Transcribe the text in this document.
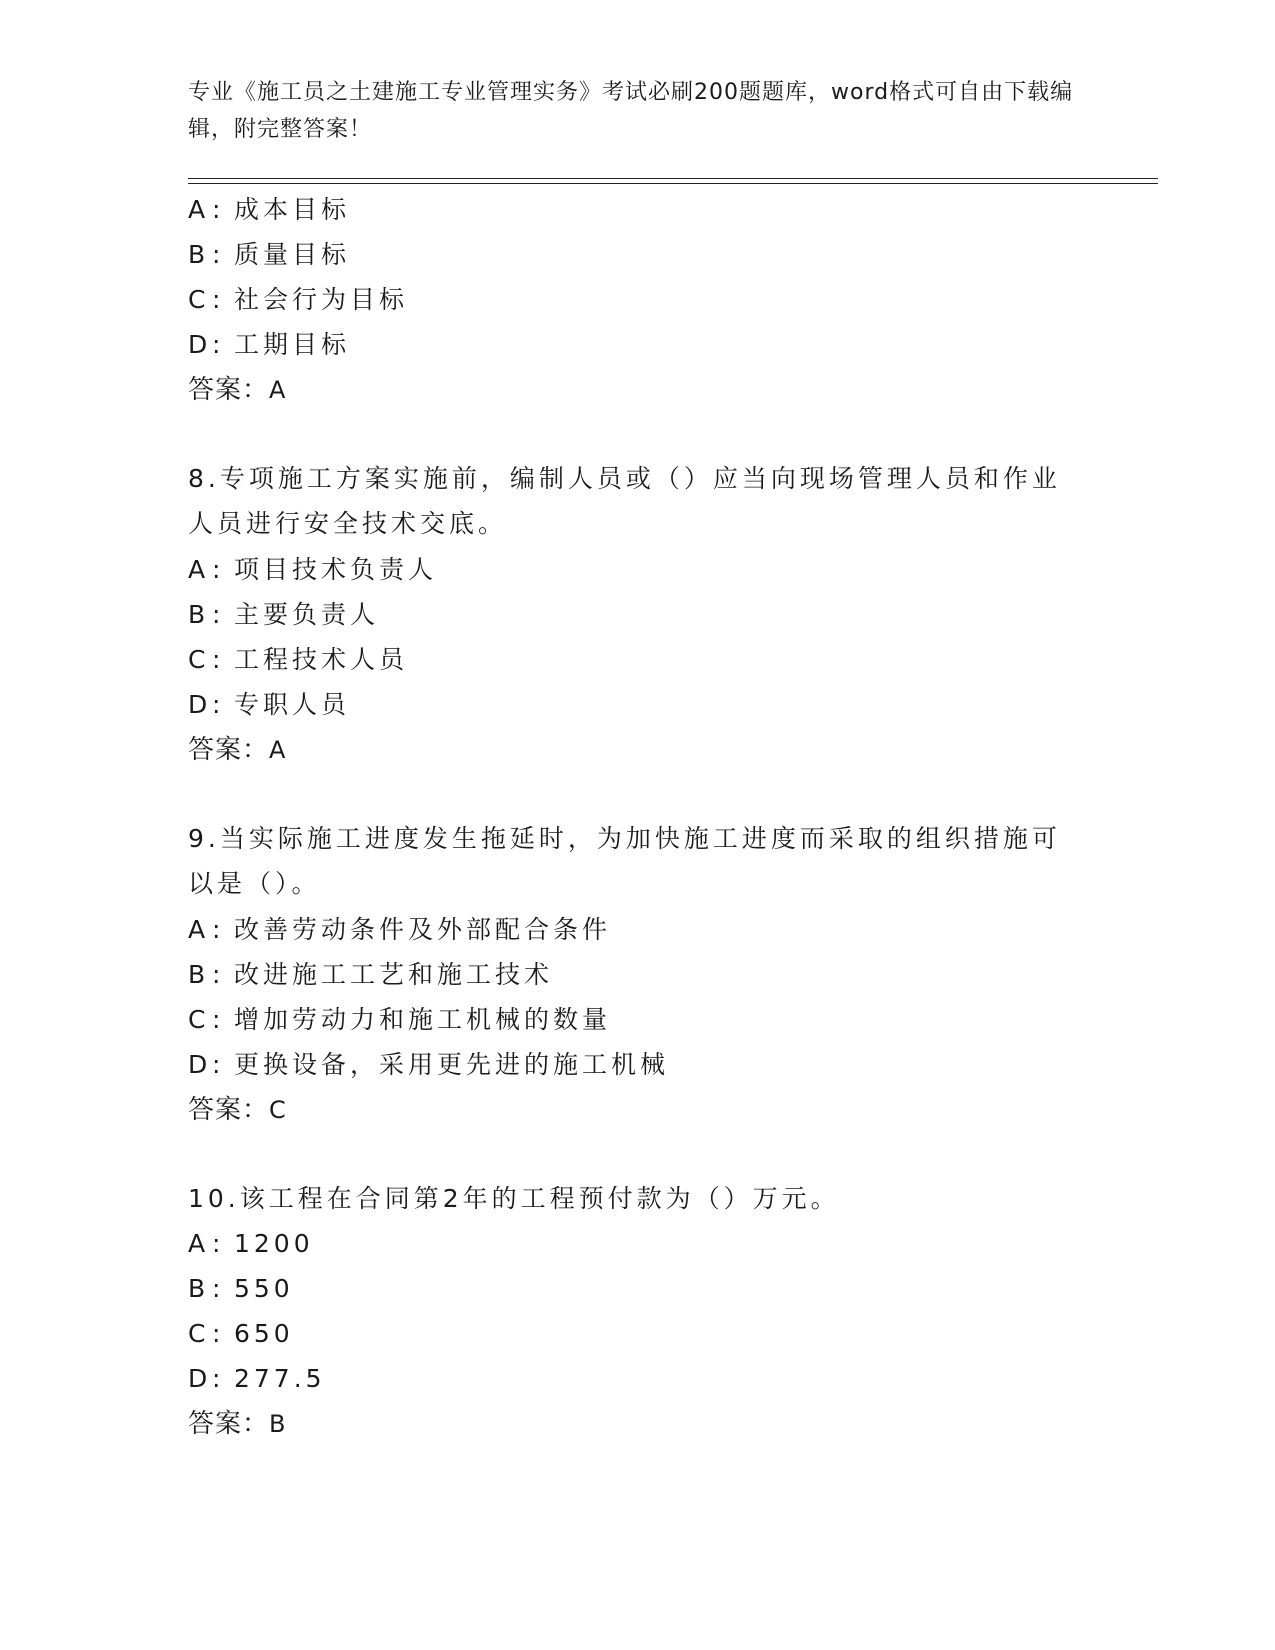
专业《施工员之土建施工专业管理实务》考试必刷200题题库，word格式可自由下载编辑，附完整答案！
A : 成本目标
B : 质量目标
C : 社会行为目标
D : 工期目标
答案：A
8.专项施工方案实施前，编制人员或（）应当向现场管理人员和作业
人员进行安全技术交底。
A : 项目技术负责人
B : 主要负责人
C : 工程技术人员
D : 专职人员
答案：A
9.当实际施工进度发生拖延时，为加快施工进度而采取的组织措施可
以是（）。
A : 改善劳动条件及外部配合条件
B : 改进施工工艺和施工技术
C : 增加劳动力和施工机械的数量
D : 更换设备，采用更先进的施工机械
答案：C
10.该工程在合同第2年的工程预付款为（）万元。
A : 1200
B : 550
C : 650
D : 277.5
答案：B
